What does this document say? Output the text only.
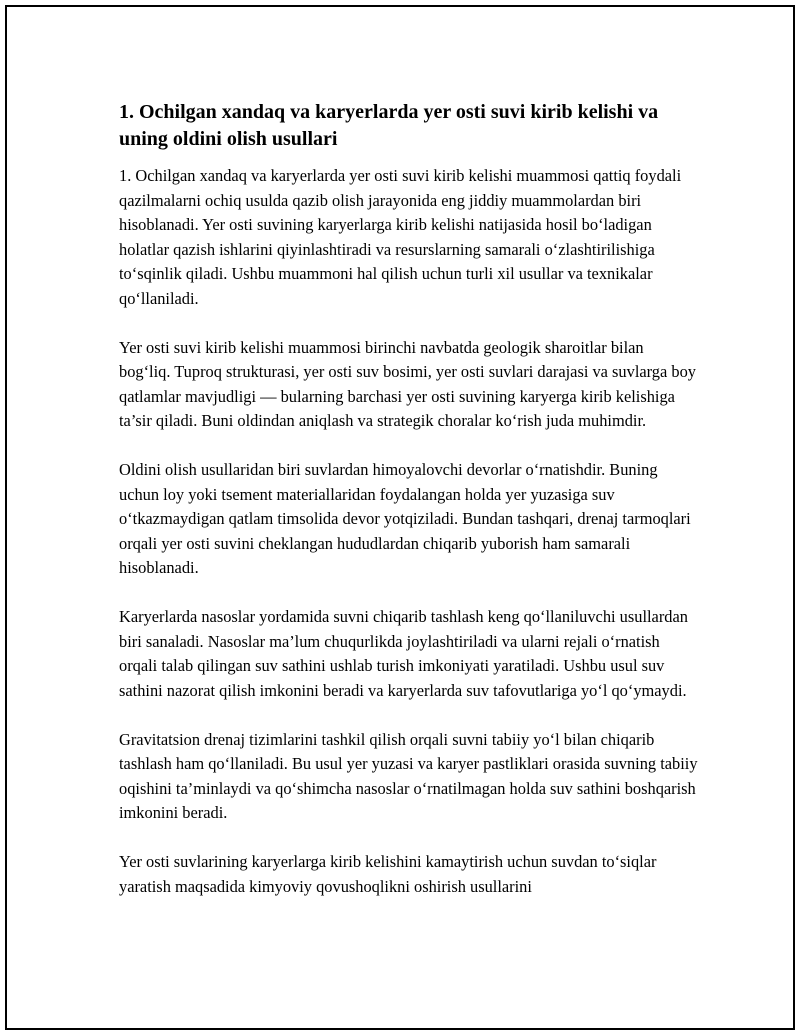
1. Ochilgan xandaq va karyerlarda yer osti suvi kirib kelishi va uning oldini olish usullari

1. Ochilgan xandaq va karyerlarda yer osti suvi kirib kelishi muammosi qattiq foydali qazilmalarni ochiq usulda qazib olish jarayonida eng jiddiy muammolardan biri hisoblanadi. Yer osti suvining karyerlarga kirib kelishi natijasida hosil bo‘ladigan holatlar qazish ishlarini qiyinlashtiradi va resurslarning samarali o‘zlashtirilishiga to‘sqinlik qiladi. Ushbu muammoni hal qilish uchun turli xil usullar va texnikalar qo‘llaniladi.

Yer osti suvi kirib kelishi muammosi birinchi navbatda geologik sharoitlar bilan bog‘liq. Tuproq strukturasi, yer osti suv bosimi, yer osti suvlari darajasi va suvlarga boy qatlamlar mavjudligi — bularning barchasi yer osti suvining karyerga kirib kelishiga ta’sir qiladi. Buni oldindan aniqlash va strategik choralar ko‘rish juda muhimdir.

Oldini olish usullaridan biri suvlardan himoyalovchi devorlar o‘rnatishdir. Buning uchun loy yoki tsement materiallaridan foydalangan holda yer yuzasiga suv o‘tkazmaydigan qatlam timsolida devor yotqiziladi. Bundan tashqari, drenaj tarmoqlari orqali yer osti suvini cheklangan hududlardan chiqarib yuborish ham samarali hisoblanadi.

Karyerlarda nasoslar yordamida suvni chiqarib tashlash keng qo‘llaniluvchi usullardan biri sanaladi. Nasoslar ma’lum chuqurlikda joylashtiriladi va ularni rejali o‘rnatish orqali talab qilingan suv sathini ushlab turish imkoniyati yaratiladi. Ushbu usul suv sathini nazorat qilish imkonini beradi va karyerlarda suv tafovutlariga yo‘l qo‘ymaydi.

Gravitatsion drenaj tizimlarini tashkil qilish orqali suvni tabiiy yo‘l bilan chiqarib tashlash ham qo‘llaniladi. Bu usul yer yuzasi va karyer pastliklari orasida suvning tabiiy oqishini ta’minlaydi va qo‘shimcha nasoslar o‘rnatilmagan holda suv sathini boshqarish imkonini beradi.

Yer osti suvlarining karyerlarga kirib kelishini kamaytirish uchun suvdan to‘siqlar yaratish maqsadida kimyoviy qovushoqlikni oshirish usullarini
